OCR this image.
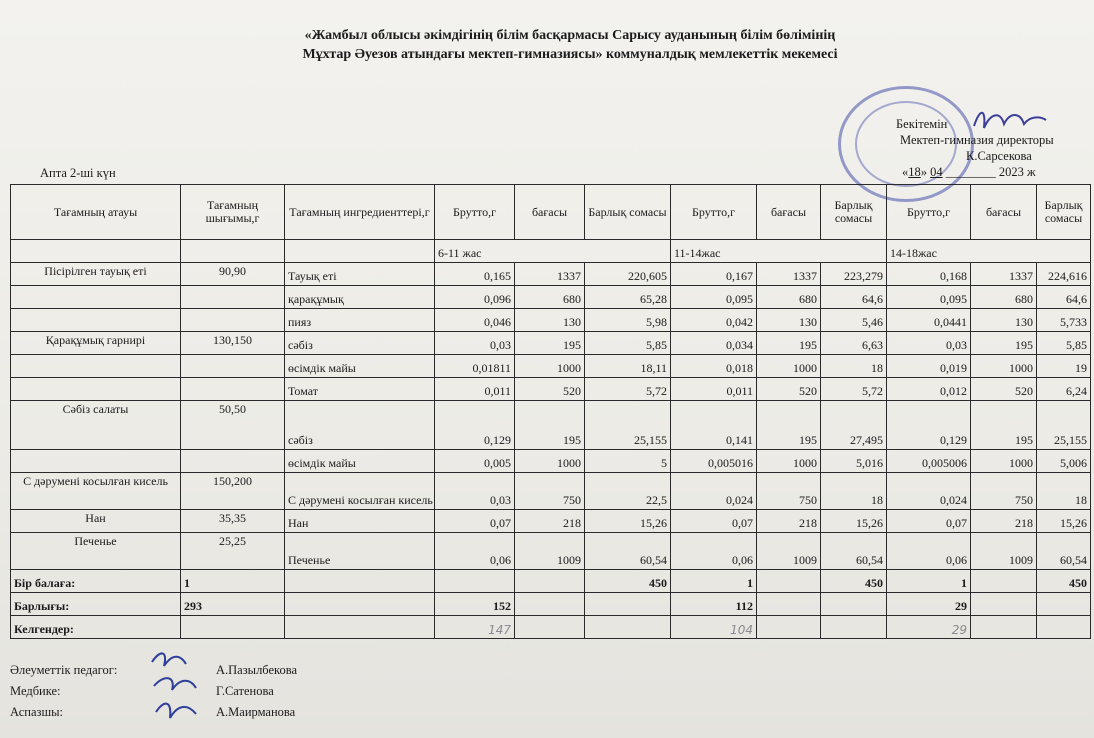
«Жамбыл облысы әкімдігінің білім басқармасы Сарысу ауданының білім бөлімінің
Мұхтар Әуезов атындағы мектеп-гимназиясы» коммуналдық мемлекеттік мекемесі
Бекітемін
Мектеп-гимназия директоры
К.Сарсекова
«18» 04 ________ 2023 ж
Апта 2-ші күн
Тағамның атауы	Тағамның шығымы,г	Тағамның ингредиенттері,г	Брутто,г	бағасы	Барлық сомасы	Брутто,г	бағасы	Барлық сомасы	Брутто,г	бағасы	Барлық сомасы
			6-11 жас			11-14жас			14-18жас		
Пісірілген тауық еті	90,90	Тауық еті	0,165	1337	220,605	0,167	1337	223,279	0,168	1337	224,616
		қарақұмық	0,096	680	65,28	0,095	680	64,6	0,095	680	64,6
		пияз	0,046	130	5,98	0,042	130	5,46	0,0441	130	5,733
Қарақұмық гарнирі	130,150	сәбіз	0,03	195	5,85	0,034	195	6,63	0,03	195	5,85
		өсімдік майы	0,01811	1000	18,11	0,018	1000	18	0,019	1000	19
		Томат	0,011	520	5,72	0,011	520	5,72	0,012	520	6,24
Сәбіз салаты	50,50	сәбіз	0,129	195	25,155	0,141	195	27,495	0,129	195	25,155
		өсімдік майы	0,005	1000	5	0,005016	1000	5,016	0,005006	1000	5,006
С дәрумені косылған кисель	150,200	С дәрумені косылған кисель	0,03	750	22,5	0,024	750	18	0,024	750	18
Нан	35,35	Нан	0,07	218	15,26	0,07	218	15,26	0,07	218	15,26
Печенье	25,25	Печенье	0,06	1009	60,54	0,06	1009	60,54	0,06	1009	60,54
Бір балаға:	1				450	1		450	1		450
Барлығы:	293		152			112			29		
Келгендер:			147			104			29		
Әлеуметтік педагог:	А.Пазылбекова
Медбике:	Г.Сатенова
Аспазшы:	А.Маирманова
